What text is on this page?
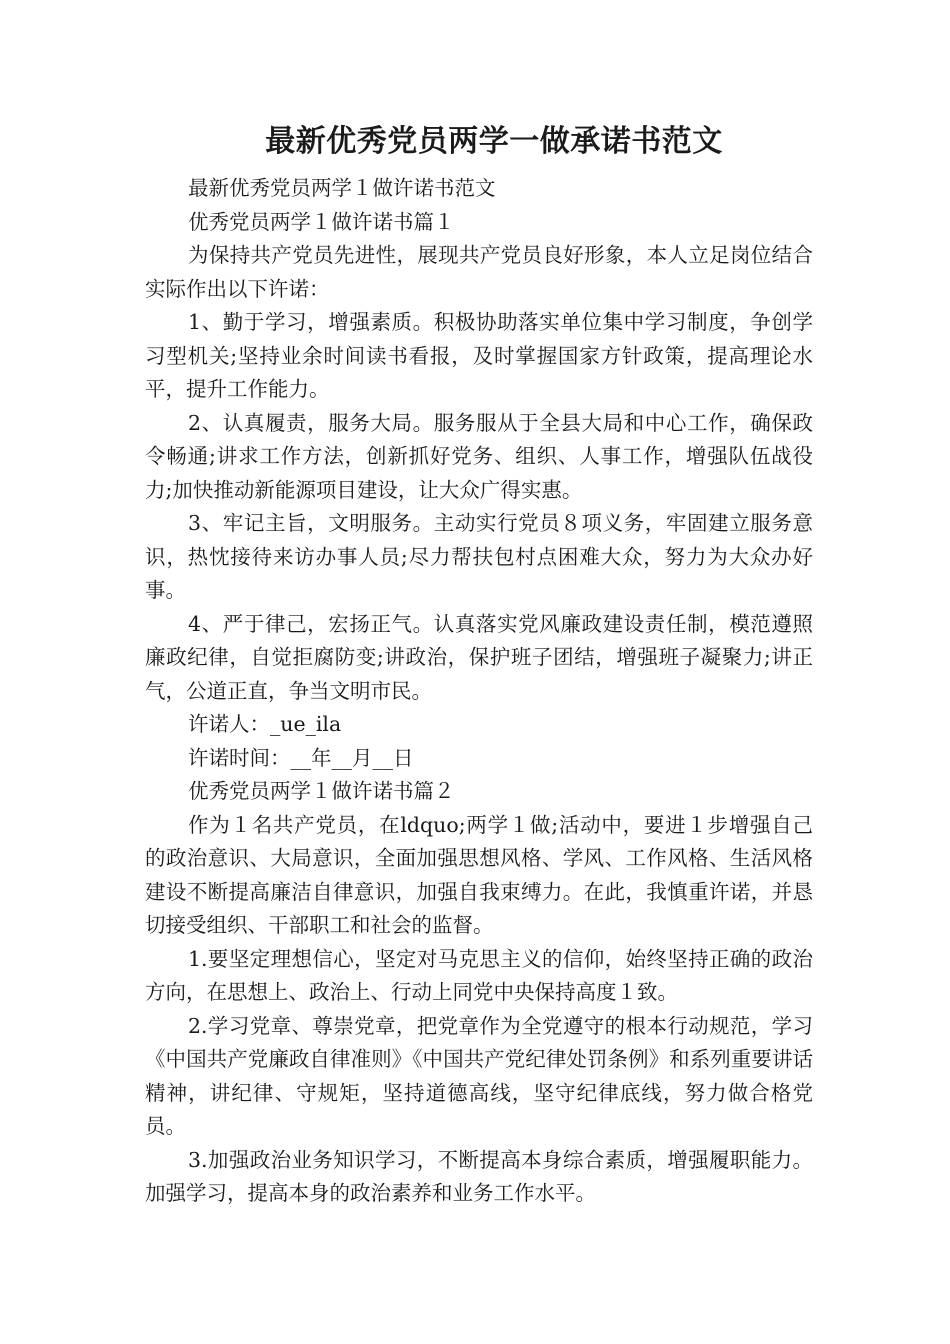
最新优秀党员两学一做承诺书范文

最新优秀党员两学１做许诺书范文

优秀党员两学１做许诺书篇１

为保持共产党员先进性，展现共产党员良好形象，本人立足岗位结合实际作出以下许诺：

1、勤于学习，增强素质。积极协助落实单位集中学习制度，争创学习型机关;坚持业余时间读书看报，及时掌握国家方针政策，提高理论水平，提升工作能力。

2、认真履责，服务大局。服务服从于全县大局和中心工作，确保政令畅通;讲求工作方法，创新抓好党务、组织、人事工作，增强队伍战役力;加快推动新能源项目建设，让大众广得实惠。

3、牢记主旨，文明服务。主动实行党员８项义务，牢固建立服务意识，热忱接待来访办事人员;尽力帮扶包村点困难大众，努力为大众办好事。

4、严于律己，宏扬正气。认真落实党风廉政建设责任制，模范遵照廉政纪律，自觉拒腐防变;讲政治，保护班子团结，增强班子凝聚力;讲正气，公道正直，争当文明市民。

许诺人：_ue_ila

许诺时间：__年__月__日

优秀党员两学１做许诺书篇２

作为１名共产党员，在ldquo;两学１做;活动中，要进１步增强自己的政治意识、大局意识，全面加强思想风格、学风、工作风格、生活风格建设不断提高廉洁自律意识，加强自我束缚力。在此，我慎重许诺，并恳切接受组织、干部职工和社会的监督。

1.要坚定理想信心，坚定对马克思主义的信仰，始终坚持正确的政治方向，在思想上、政治上、行动上同党中央保持高度１致。

2.学习党章、尊崇党章，把党章作为全党遵守的根本行动规范，学习《中国共产党廉政自律准则》《中国共产党纪律处罚条例》和系列重要讲话精神，讲纪律、守规矩，坚持道德高线，坚守纪律底线，努力做合格党员。

3.加强政治业务知识学习，不断提高本身综合素质，增强履职能力。加强学习，提高本身的政治素养和业务工作水平。
